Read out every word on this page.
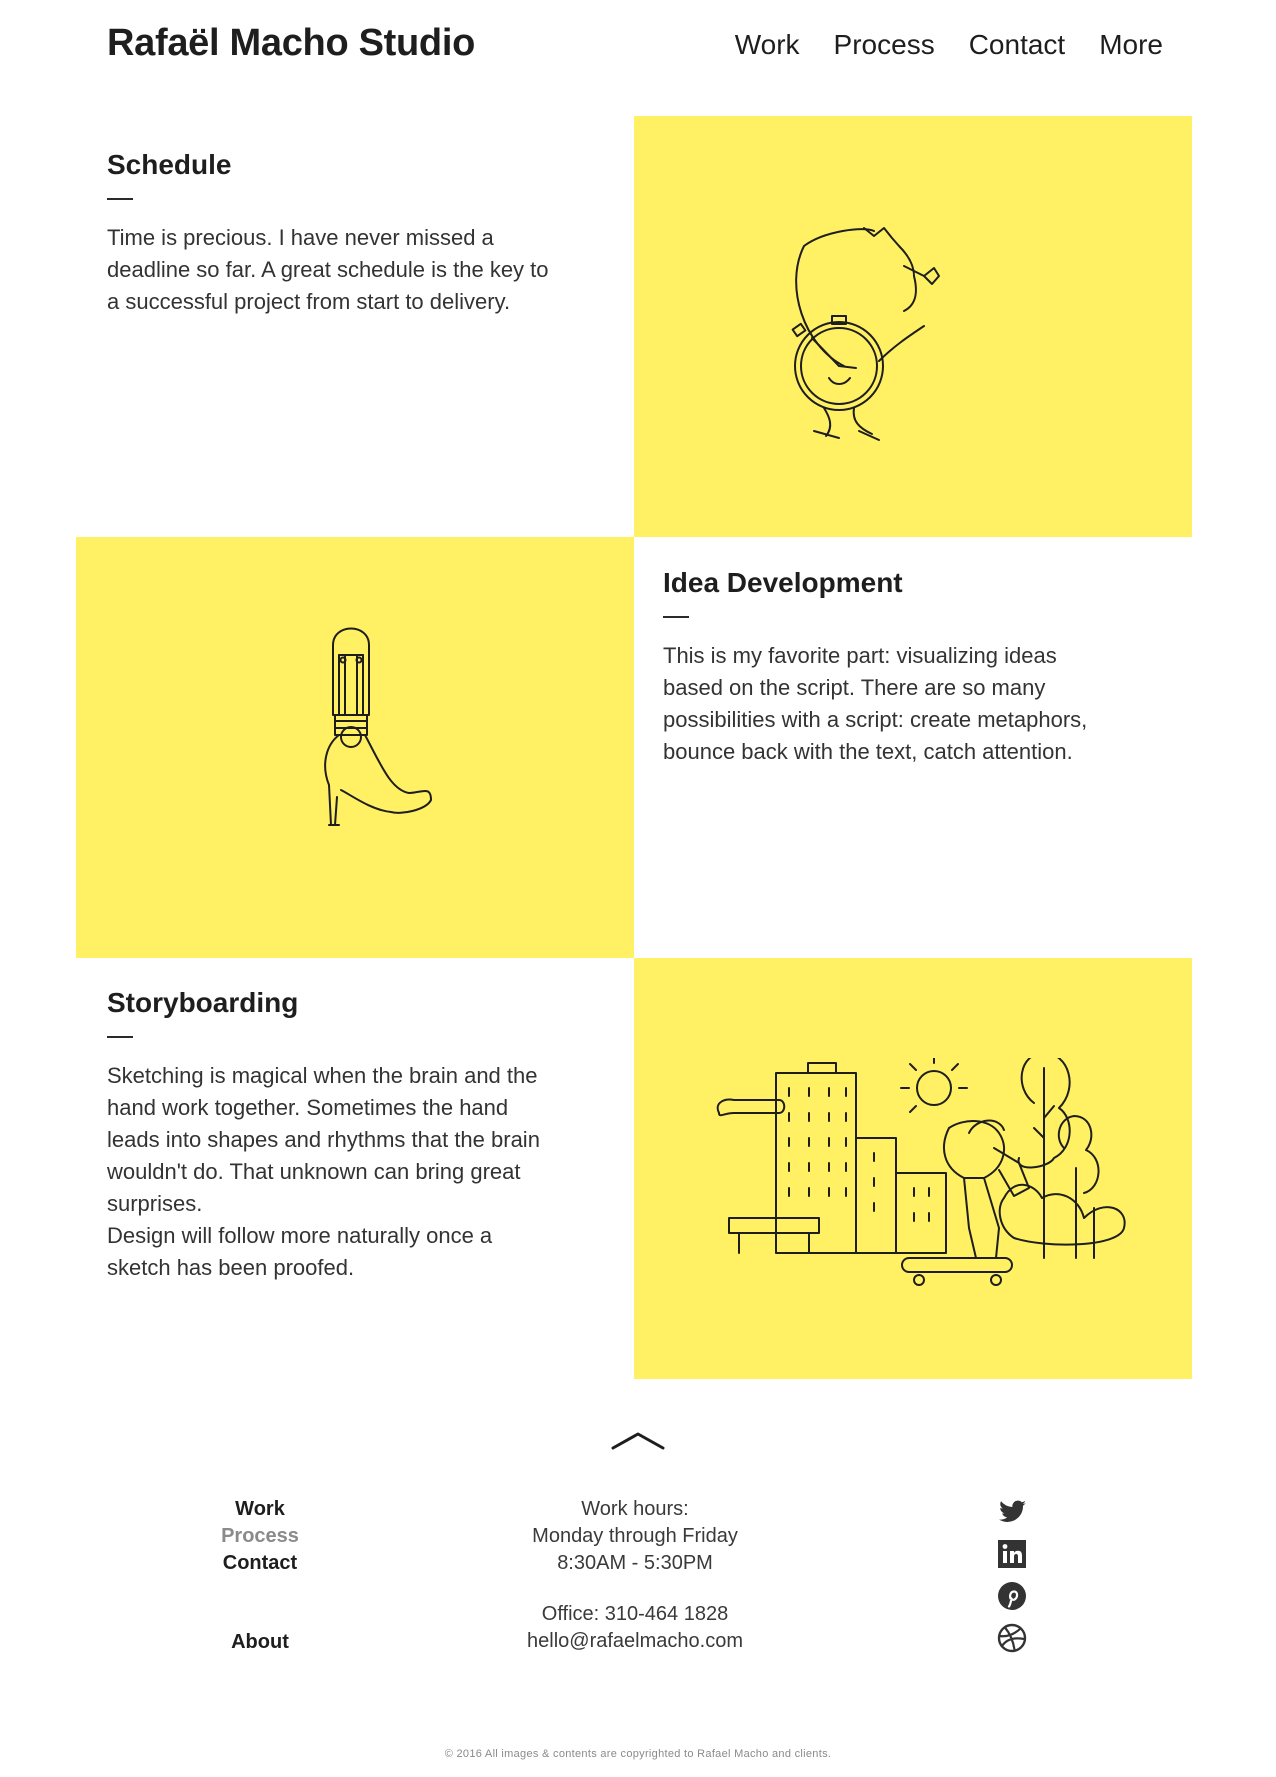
Rafaël Macho Studio	Work Process Contact More
Schedule

Time is precious. I have never missed a
deadline so far. A great schedule is the key to
a successful project from start to delivery.

Idea Development

This is my favorite part: visualizing ideas
based on the script. There are so many
possibilities with a script: create metaphors,
bounce back with the text, catch attention.

Storyboarding

Sketching is magical when the brain and the
hand work together. Sometimes the hand
leads into shapes and rhythms that the brain
wouldn't do. That unknown can bring great
surprises.
Design will follow more naturally once a
sketch has been proofed.

Work
Process
Contact
About
Work hours:
Monday through Friday
8:30AM - 5:30PM
Office: 310-464 1828
hello@rafaelmacho.com
© 2016 All images & contents are copyrighted to Rafael Macho and clients.
